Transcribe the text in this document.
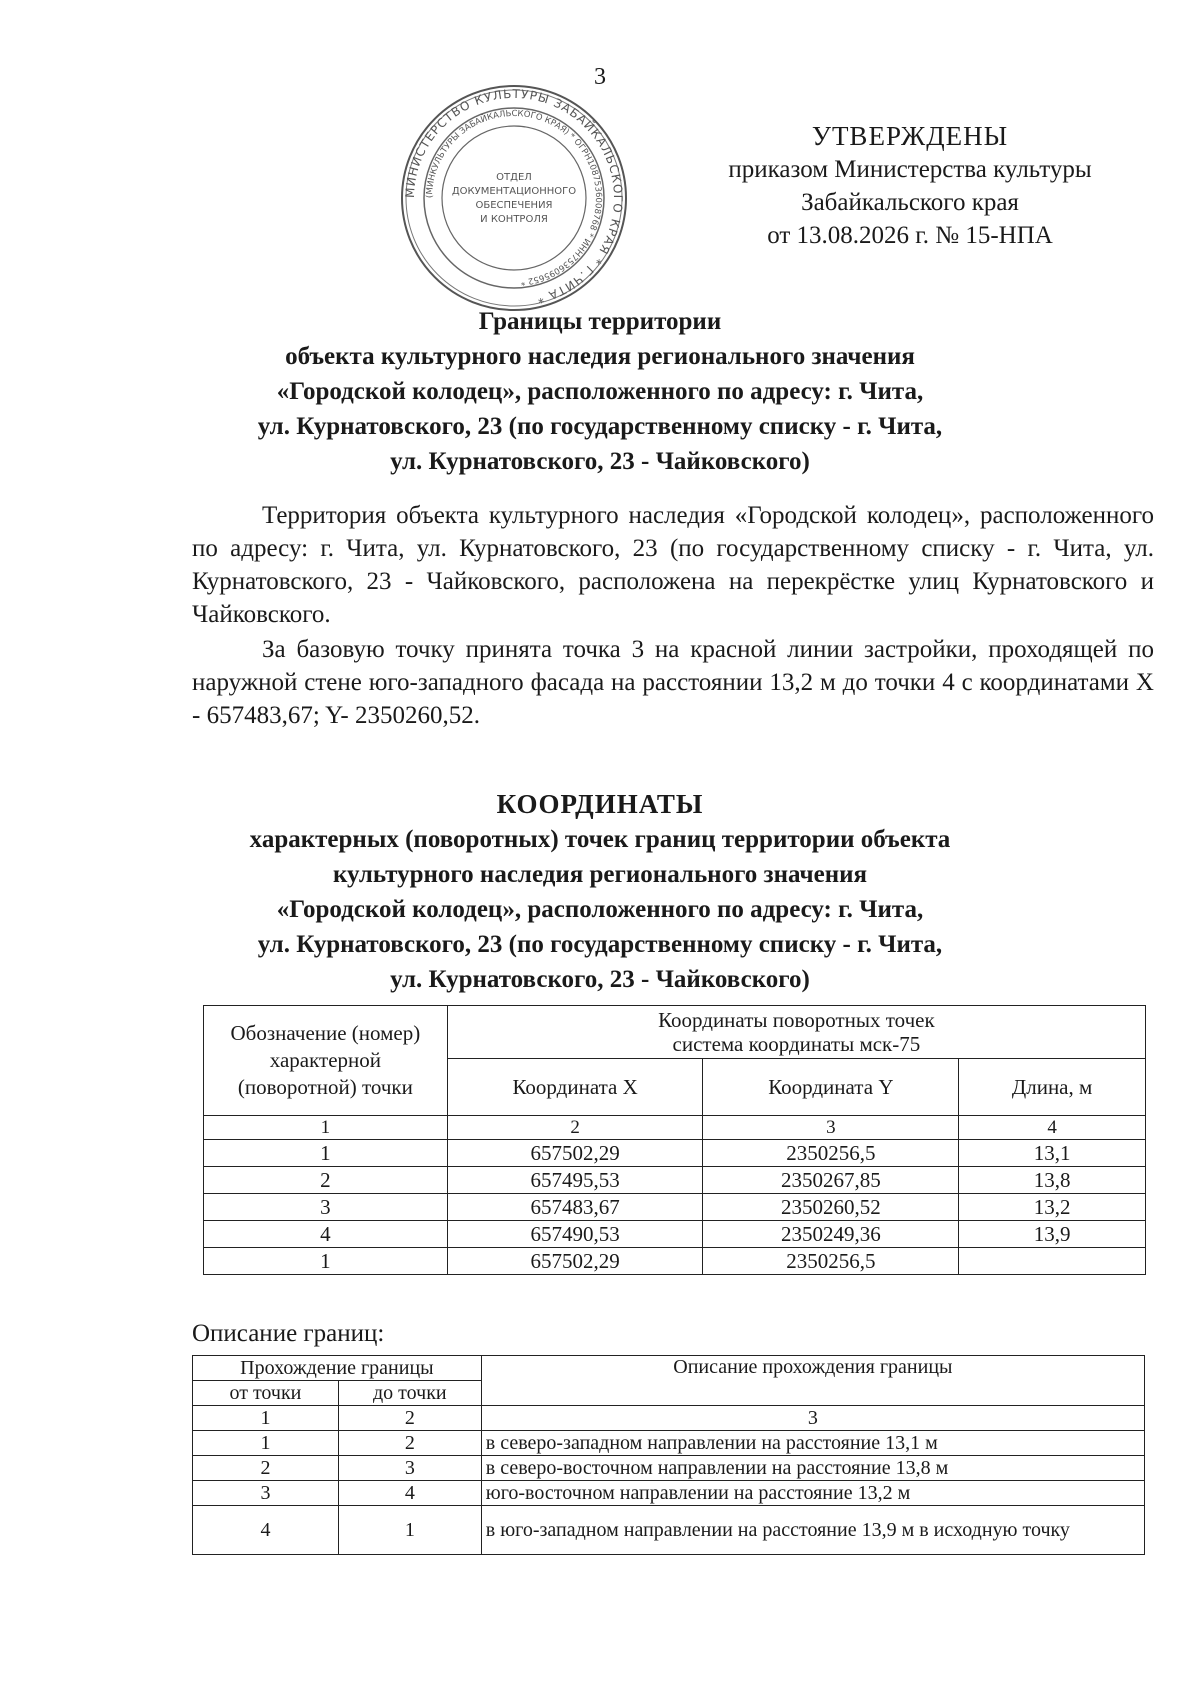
3
МИНИСТЕРСТВО КУЛЬТУРЫ ЗАБАЙКАЛЬСКОГО КРАЯ * Г.ЧИТА *
(МИНКУЛЬТУРЫ ЗАБАЙКАЛЬСКОГО КРАЯ) * ОГРН1087536008768 * ИНН7536095652 *
ОТДЕЛ
ДОКУМЕНТАЦИОННОГО
ОБЕСПЕЧЕНИЯ
И КОНТРОЛЯ
УТВЕРЖДЕНЫ
приказом Министерства культуры
Забайкальского края
от 13.08.2026 г. № 15-НПА
Границы территории
объекта культурного наследия регионального значения
«Городской колодец», расположенного по адресу: г. Чита,
ул. Курнатовского, 23 (по государственному списку - г. Чита,
ул. Курнатовского, 23 - Чайковского)

Территория объекта культурного наследия «Городской колодец», расположенного по адресу: г. Чита, ул. Курнатовского, 23 (по государственному списку - г. Чита, ул. Курнатовского, 23 - Чайковского, расположена на перекрёстке улиц Курнатовского и Чайковского.

За базовую точку принята точка 3 на красной линии застройки, проходящей по наружной стене юго-западного фасада на расстоянии 13,2 м до точки 4 с координатами X - 657483,67; Y- 2350260,52.

КООРДИНАТЫ
характерных (поворотных) точек границ территории объекта
культурного наследия регионального значения
«Городской колодец», расположенного по адресу: г. Чита,
ул. Курнатовского, 23 (по государственному списку - г. Чита,
ул. Курнатовского, 23 - Чайковского)
Обозначение (номер) характерной (поворотной) точки	Координаты поворотных точек
система координаты мск-75		

	Координата X	Координата Y	Длина, м
1	2	3	4
1	657502,29	2350256,5	13,1
2	657495,53	2350267,85	13,8
3	657483,67	2350260,52	13,2
4	657490,53	2350249,36	13,9
1	657502,29	2350256,5	
Описание границ:
Прохождение границы		Описание прохождения границы
от точки	до точки	
1	2	3
1	2	в северо-западном направлении на расстояние 13,1 м
2	3	в северо-восточном направлении на расстояние 13,8 м
3	4	юго-восточном направлении на расстояние 13,2 м
4	1	в юго-западном направлении на расстояние 13,9 м в исходную точку
